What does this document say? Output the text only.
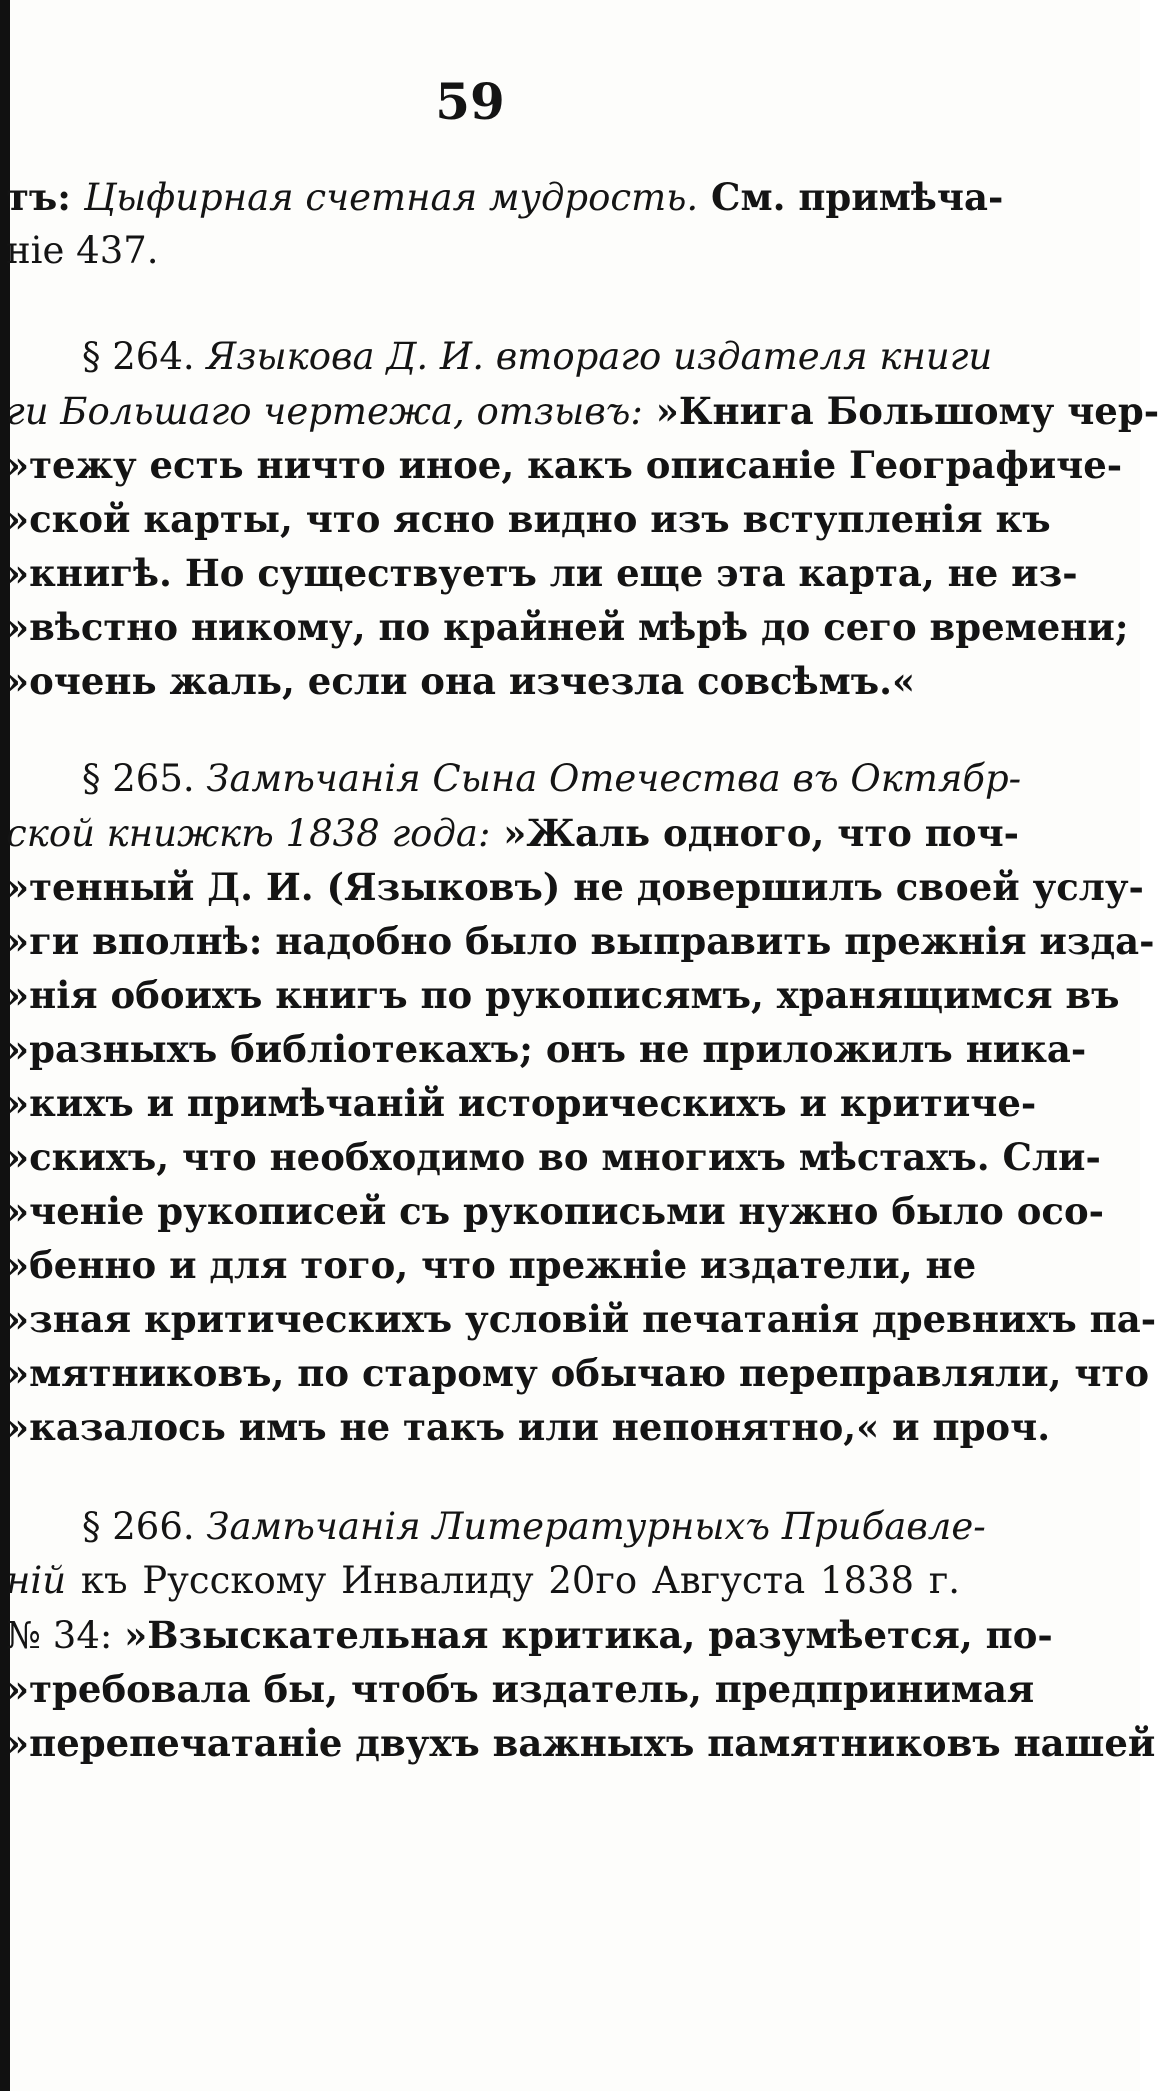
59
тъ: Цыфирная счетная мудрость. См. примѣча-
ніе 437.
§ 264. Языкова Д. И. втораго издателя книги
ги Большаго чертежа, отзывъ: »Книга Большому чер-
»тежу есть ничто иное, какъ описаніе Географиче-
»ской карты, что ясно видно изъ вступленія къ
»книгѣ. Но существуетъ ли еще эта карта, не из-
»вѣстно никому, по крайней мѣрѣ до сего времени;
»очень жаль, если она изчезла совсѣмъ.«
§ 265. Замѣчанія Сына Отечества въ Октябр-
ской книжкѣ 1838 года: »Жаль одного, что поч-
»тенный Д. И. (Языковъ) не довершилъ своей услу-
»ги вполнѣ: надобно было выправить прежнія изда-
»нія обоихъ книгъ по рукописямъ, хранящимся въ
»разныхъ библіотекахъ; онъ не приложилъ ника-
»кихъ и примѣчаній историческихъ и критиче-
»скихъ, что необходимо во многихъ мѣстахъ. Сли-
»ченіе рукописей съ рукописьми нужно было осо-
»бенно и для того, что прежніе издатели, не
»зная критическихъ условій печатанія древнихъ па-
»мятниковъ, по старому обычаю переправляли, что
»казалось имъ не такъ или непонятно,« и проч.
§ 266. Замѣчанія Литературныхъ Прибавле-
ній къ Русскому Инвалиду 20го Августа 1838 г.
№ 34: »Взыскательная критика, разумѣется, по-
»требовала бы, чтобъ издатель, предпринимая
»перепечатаніе двухъ важныхъ памятниковъ нашей
